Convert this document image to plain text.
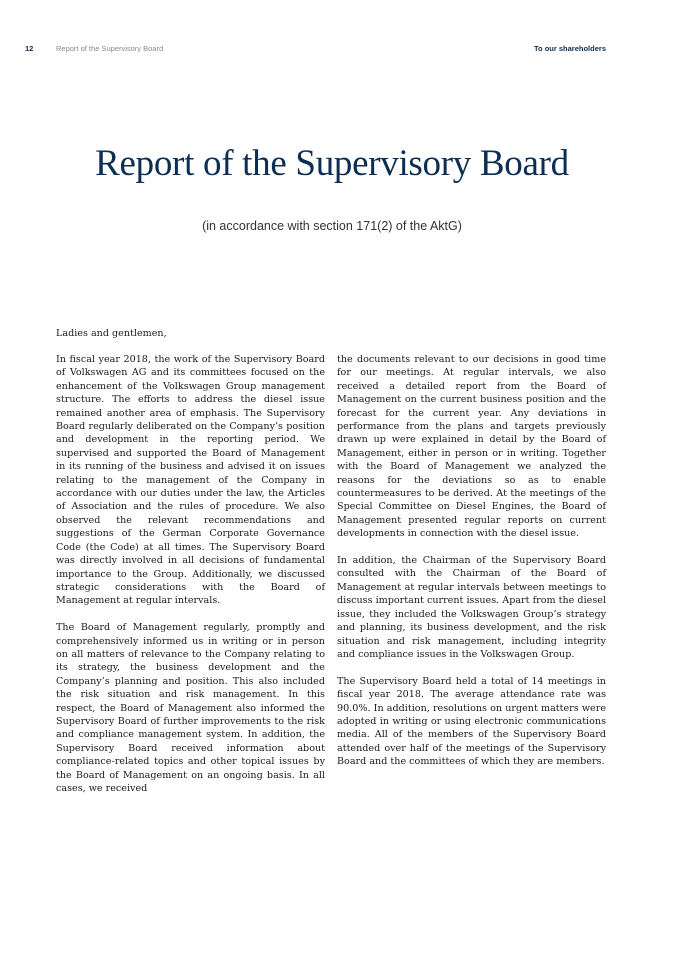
12	Report of the Supervisory Board	To our shareholders
Report of the Supervisory Board
(in accordance with section 171(2) of the AktG)
Ladies and gentlemen,

In fiscal year 2018, the work of the Supervisory Board of Volkswagen AG and its committees focused on the enhancement of the Volkswagen Group management structure. The efforts to address the diesel issue remained another area of emphasis. The Supervisory Board regularly deliberated on the Company’s position and development in the reporting period. We supervised and supported the Board of Management in its running of the business and advised it on issues relating to the management of the Company in accordance with our duties under the law, the Articles of Association and the rules of procedure. We also observed the relevant recommendations and suggestions of the German Corporate Governance Code (the Code) at all times. The Supervisory Board was directly involved in all decisions of fundamental importance to the Group. Additionally, we discussed strategic considerations with the Board of Management at regular intervals.

The Board of Management regularly, promptly and comprehensively informed us in writing or in person on all matters of relevance to the Company relating to its strategy, the business development and the Company’s planning and position. This also included the risk situation and risk management. In this respect, the Board of Management also informed the Supervisory Board of further improvements to the risk and compliance management system. In addition, the Supervisory Board received information about compliance-related topics and other topical issues by the Board of Management on an ongoing basis. In all cases, we received

the documents relevant to our decisions in good time for our meetings. At regular intervals, we also received a detailed report from the Board of Management on the current business position and the forecast for the current year. Any deviations in performance from the plans and targets previously drawn up were explained in detail by the Board of Management, either in person or in writing. Together with the Board of Management we analyzed the reasons for the deviations so as to enable countermeasures to be derived. At the meetings of the Special Committee on Diesel Engines, the Board of Management presented regular reports on current developments in connection with the diesel issue.

In addition, the Chairman of the Supervisory Board consulted with the Chairman of the Board of Management at regular intervals between meetings to discuss important current issues. Apart from the diesel issue, they included the Volkswagen Group’s strategy and planning, its business development, and the risk situation and risk management, including integrity and compliance issues in the Volkswagen Group.

The Supervisory Board held a total of 14 meetings in fiscal year 2018. The average attendance rate was 90.0%. In addition, resolutions on urgent matters were adopted in writing or using electronic communications media. All of the members of the Supervisory Board attended over half of the meetings of the Supervisory Board and the committees of which they are members.
